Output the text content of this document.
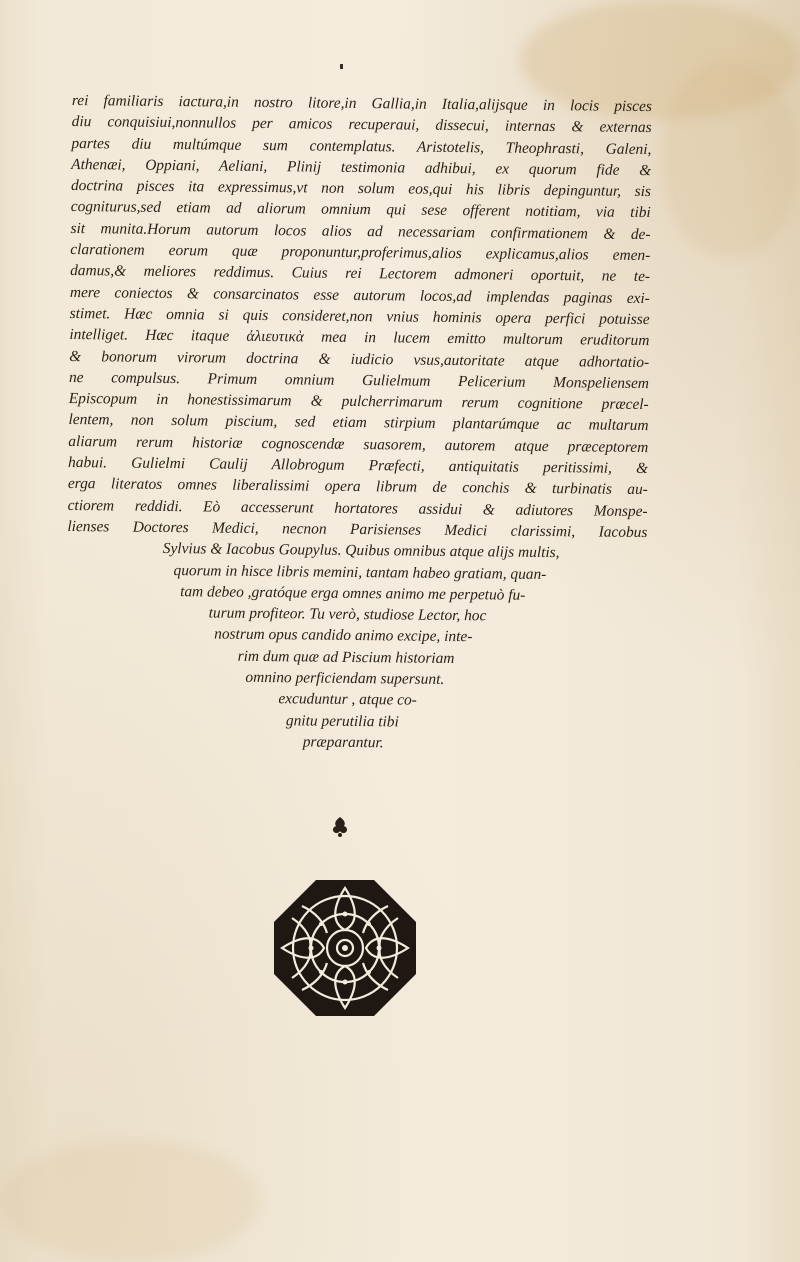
rei familiaris iactura,in nostro litore,in Gallia,in Italia,alijsque in locis pisces
diu conquisiui,nonnullos per amicos recuperaui, dissecui, internas & externas
partes diu multúmque sum contemplatus. Aristotelis, Theophrasti, Galeni,
Athenæi, Oppiani, Aeliani, Plinij testimonia adhibui, ex quorum fide &
doctrina pisces ita expressimus,vt non solum eos,qui his libris depinguntur, sis
cogniturus,sed etiam ad aliorum omnium qui sese offerent notitiam, via tibi
sit munita.Horum autorum locos alios ad necessariam confirmationem & de-
clarationem eorum quæ proponuntur,proferimus,alios explicamus,alios emen-
damus,& meliores reddimus. Cuius rei Lectorem admoneri oportuit, ne te-
mere coniectos & consarcinatos esse autorum locos,ad implendas paginas exi-
stimet. Hæc omnia si quis consideret,non vnius hominis opera perfici potuisse
intelliget. Hæc itaque ἀλιευτικὰ mea in lucem emitto multorum eruditorum
& bonorum virorum doctrina & iudicio vsus,autoritate atque adhortatio-
ne compulsus. Primum omnium Gulielmum Pelicerium Monspeliensem
Episcopum in honestissimarum & pulcherrimarum rerum cognitione præcel-
lentem, non solum piscium, sed etiam stirpium plantarúmque ac multarum
aliarum rerum historiæ cognoscendæ suasorem, autorem atque præceptorem
habui. Gulielmi Caulij Allobrogum Præfecti, antiquitatis peritissimi, &
erga literatos omnes liberalissimi opera librum de conchis & turbinatis au-
ctiorem reddidi. Eò accesserunt hortatores assidui & adiutores Monspe-
lienses Doctores Medici, necnon Parisienses Medici clarissimi, Iacobus
Sylvius & Iacobus Goupylus. Quibus omnibus atque alijs multis,
quorum in hisce libris memini, tantam habeo gratiam, quan-
tam debeo ,gratóque erga omnes animo me perpetuò fu-
turum profiteor. Tu verò, studiose Lector, hoc
nostrum opus candido animo excipe, inte-
rim dum quæ ad Piscium historiam
omnino perficiendam supersunt.
excuduntur , atque co-
gnitu perutilia tibi
præparantur.
